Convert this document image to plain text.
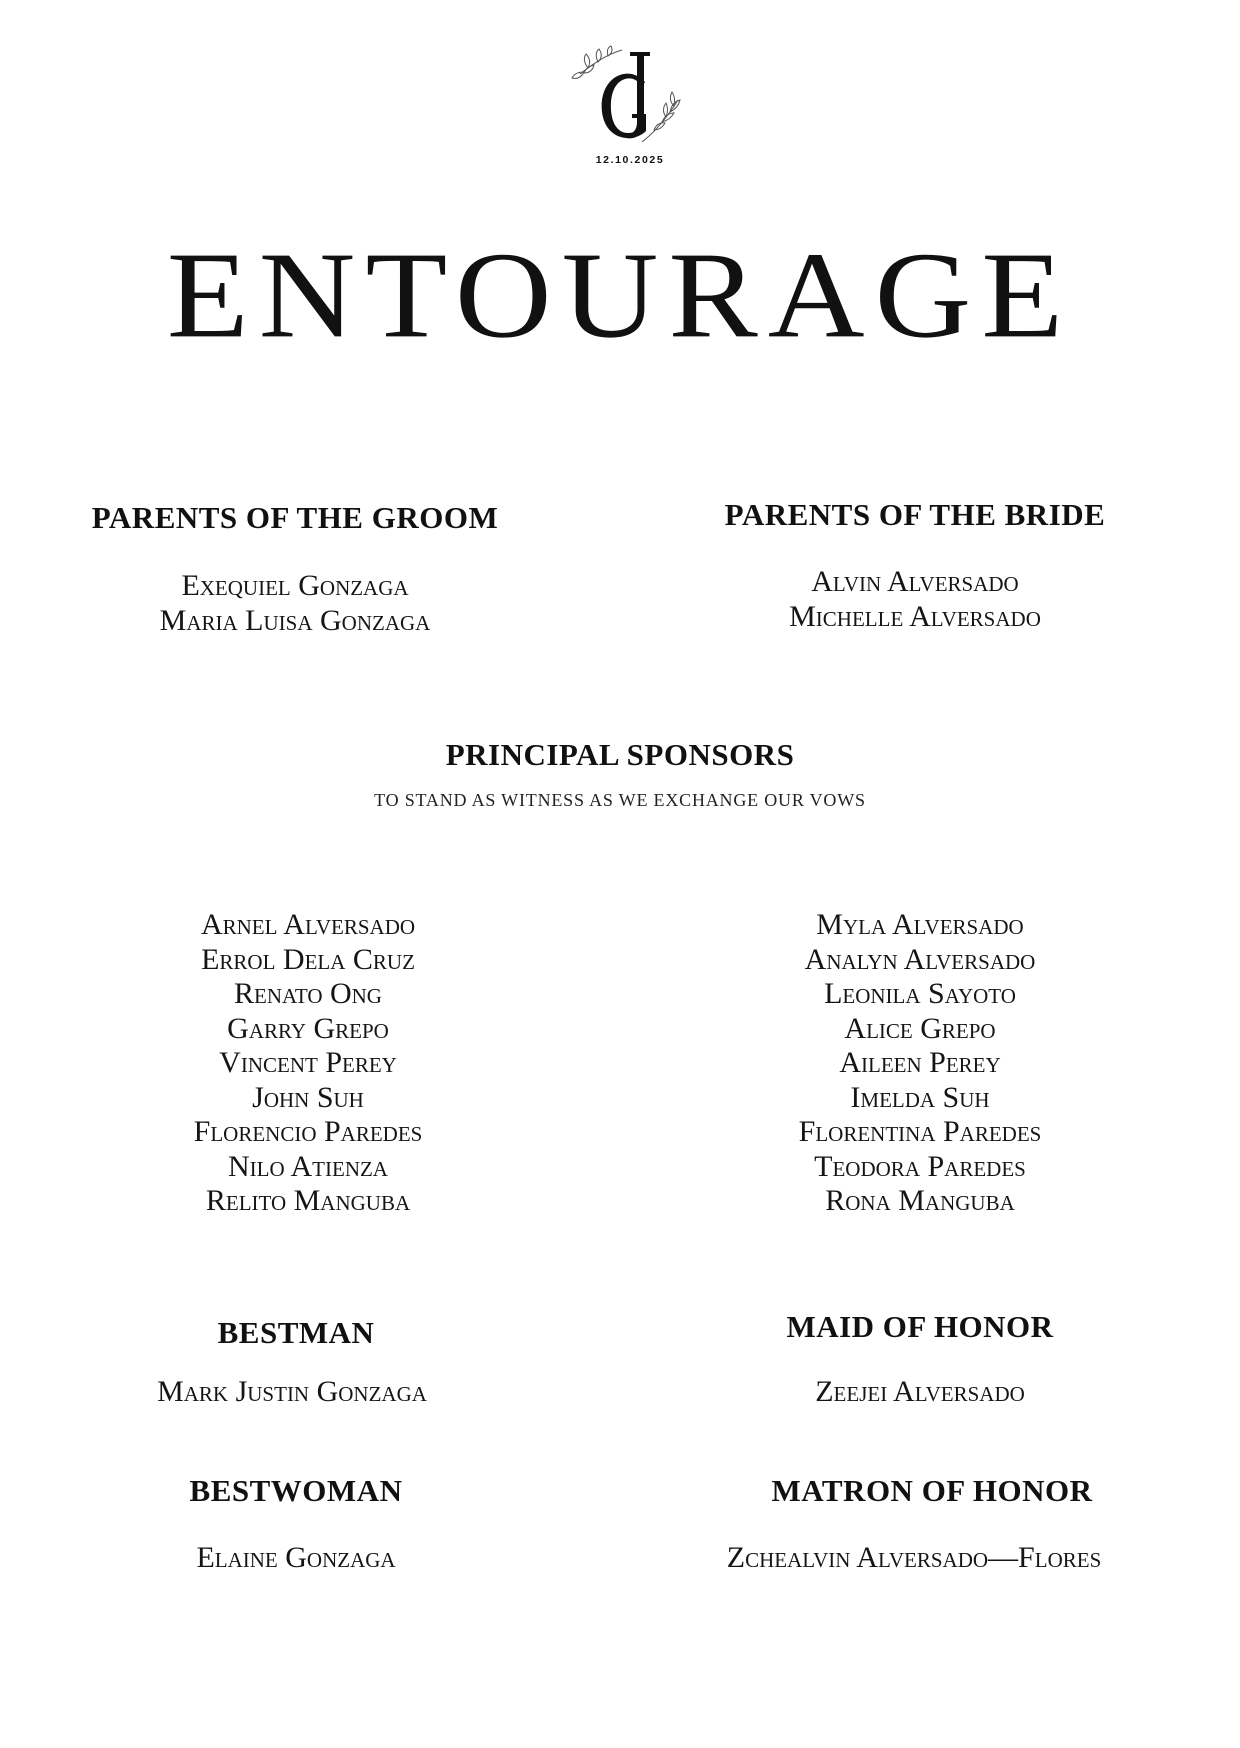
12.10.2025
ENTOURAGE
PARENTS OF THE GROOM
Exequiel Gonzaga
Maria Luisa Gonzaga
PARENTS OF THE BRIDE
Alvin Alversado
Michelle Alversado
PRINCIPAL SPONSORS
TO STAND AS WITNESS AS WE EXCHANGE OUR VOWS
Arnel Alversado
Errol Dela Cruz
Renato Ong
Garry Grepo
Vincent Perey
John Suh
Florencio Paredes
Nilo Atienza
Relito Manguba
Myla Alversado
Analyn Alversado
Leonila Sayoto
Alice Grepo
Aileen Perey
Imelda Suh
Florentina Paredes
Teodora Paredes
Rona Manguba
BESTMAN
Mark Justin Gonzaga
MAID OF HONOR
Zeejei Alversado
BESTWOMAN
Elaine Gonzaga
MATRON OF HONOR
Zchealvin Alversado—Flores
